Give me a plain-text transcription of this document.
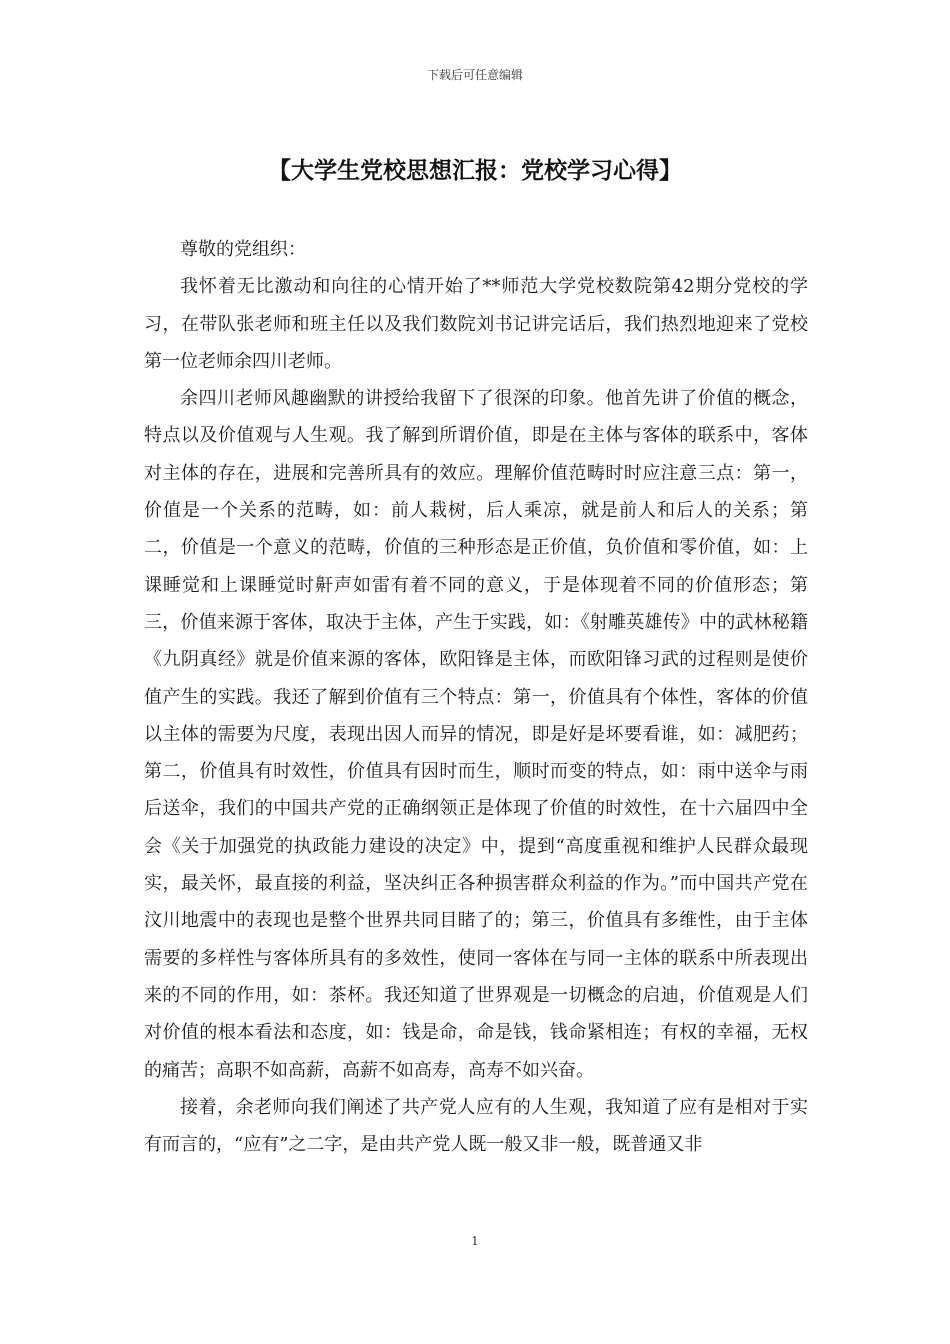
下载后可任意编辑
【大学生党校思想汇报：党校学习心得】

尊敬的党组织：

我怀着无比激动和向往的心情开始了**师范大学党校数院第42期分党校的学习，在带队张老师和班主任以及我们数院刘书记讲完话后，我们热烈地迎来了党校第一位老师余四川老师。

余四川老师风趣幽默的讲授给我留下了很深的印象。他首先讲了价值的概念，特点以及价值观与人生观。我了解到所谓价值，即是在主体与客体的联系中，客体对主体的存在，进展和完善所具有的效应。理解价值范畴时时应注意三点：第一，价值是一个关系的范畴，如：前人栽树，后人乘凉，就是前人和后人的关系；第二，价值是一个意义的范畴，价值的三种形态是正价值，负价值和零价值，如：上课睡觉和上课睡觉时鼾声如雷有着不同的意义，于是体现着不同的价值形态；第三，价值来源于客体，取决于主体，产生于实践，如：《射雕英雄传》中的武林秘籍《九阴真经》就是价值来源的客体，欧阳锋是主体，而欧阳锋习武的过程则是使价值产生的实践。我还了解到价值有三个特点：第一，价值具有个体性，客体的价值以主体的需要为尺度，表现出因人而异的情况，即是好是坏要看谁，如：减肥药；第二，价值具有时效性，价值具有因时而生，顺时而变的特点，如：雨中送伞与雨后送伞，我们的中国共产党的正确纲领正是体现了价值的时效性，在十六届四中全会《关于加强党的执政能力建设的决定》中，提到“高度重视和维护人民群众最现实，最关怀，最直接的利益，坚决纠正各种损害群众利益的作为。”而中国共产党在汶川地震中的表现也是整个世界共同目睹了的；第三，价值具有多维性，由于主体需要的多样性与客体所具有的多效性，使同一客体在与同一主体的联系中所表现出来的不同的作用，如：茶杯。我还知道了世界观是一切概念的启迪，价值观是人们对价值的根本看法和态度，如：钱是命，命是钱，钱命紧相连；有权的幸福，无权的痛苦；高职不如高薪，高薪不如高寿，高寿不如兴奋。

接着，余老师向我们阐述了共产党人应有的人生观，我知道了应有是相对于实有而言的，“应有”之二字，是由共产党人既一般又非一般，既普通又非

1
